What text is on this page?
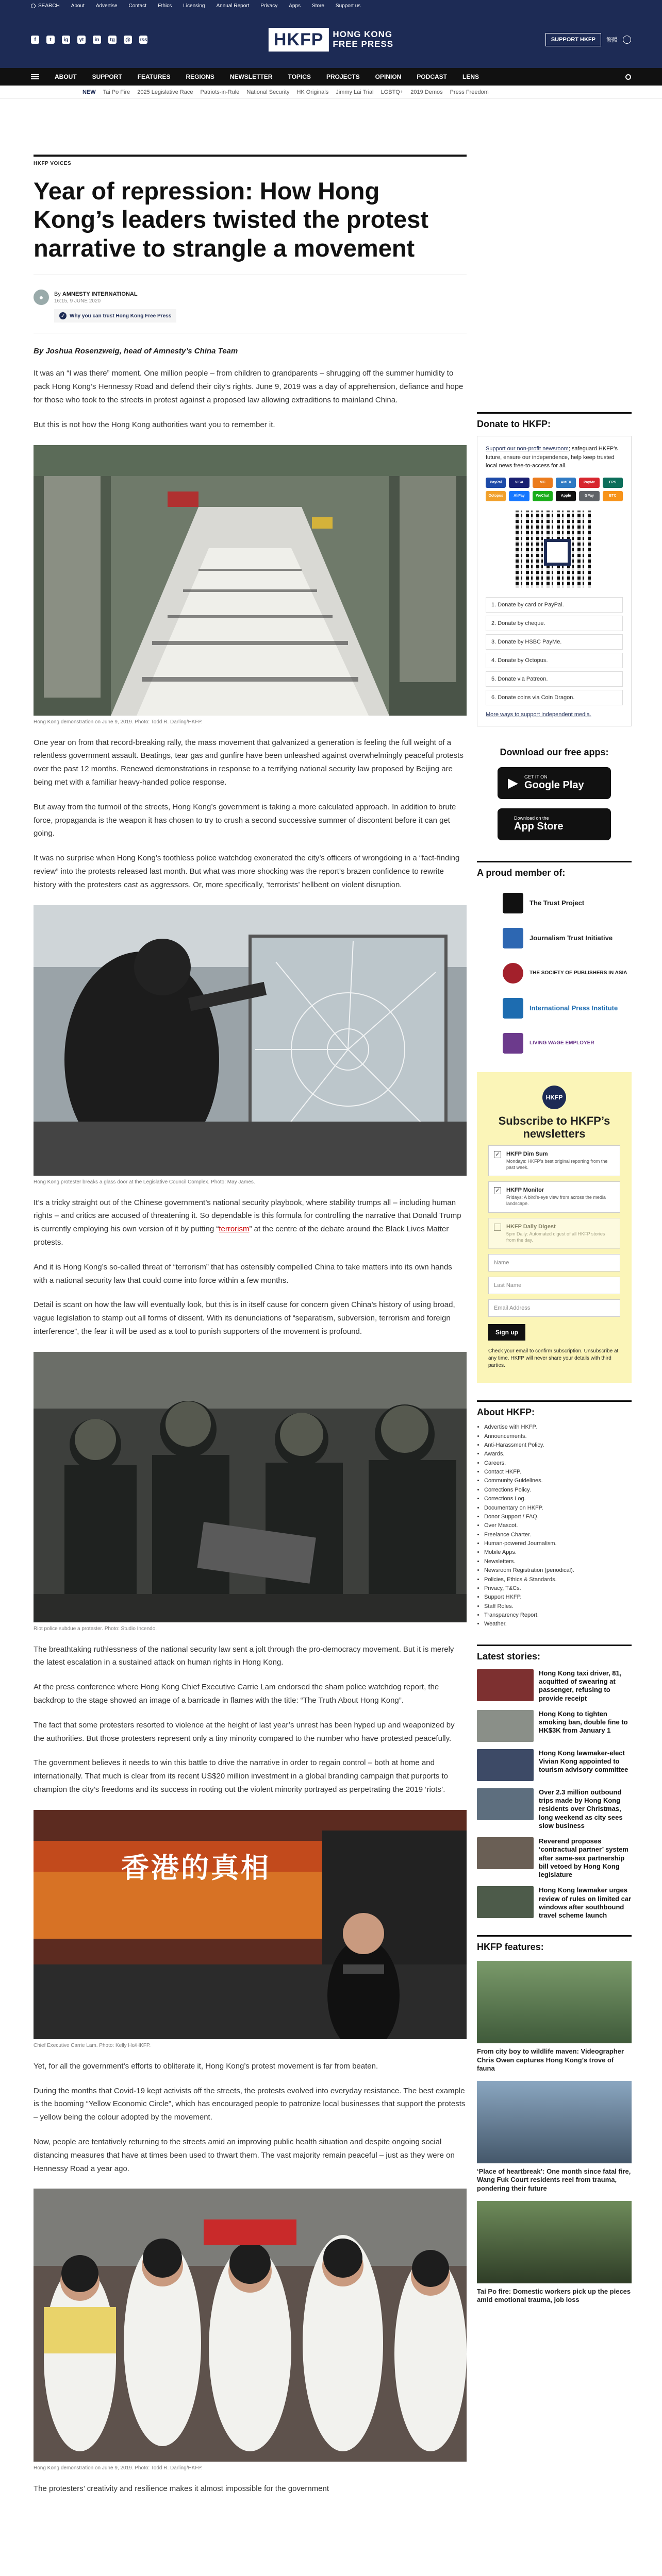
SEARCH About Advertise Contact Ethics Licensing Annual Report Privacy Apps Store Support us
f	t	ig	yt	in	tg	@	rss	HKFP	HONG KONG
FREE PRESS	SUPPORT HKFP	繁體
ABOUT	SUPPORT	FEATURES	REGIONS	NEWSLETTER	TOPICS	PROJECTS	OPINION	PODCAST	LENS
NEW Tai Po Fire 2025 Legislative Race Patriots-in-Rule National Security HK Originals Jimmy Lai Trial LGBTQ+ 2019 Demos Press Freedom
HKFP VOICES
Year of repression: How Hong Kong’s leaders twisted the protest narrative to strangle a movement
●	By AMNESTY INTERNATIONAL
16:15, 9 JUNE 2020
✓ Why you can trust Hong Kong Free Press
By Joshua Rosenzweig, head of Amnesty’s China Team

It was an “I was there” moment. One million people – from children to grandparents – shrugging off the summer humidity to pack Hong Kong’s Hennessy Road and defend their city’s rights. June 9, 2019 was a day of apprehension, defiance and hope for those who took to the streets in protest against a proposed law allowing extraditions to mainland China.

But this is not how the Hong Kong authorities want you to remember it.

Hong Kong demonstration on June 9, 2019. Photo: Todd R. Darling/HKFP.

One year on from that record-breaking rally, the mass movement that galvanized a generation is feeling the full weight of a relentless government assault. Beatings, tear gas and gunfire have been unleashed against overwhelmingly peaceful protests over the past 12 months. Renewed demonstrations in response to a terrifying national security law proposed by Beijing are being met with a familiar heavy-handed police response.

But away from the turmoil of the streets, Hong Kong’s government is taking a more calculated approach. In addition to brute force, propaganda is the weapon it has chosen to try to crush a second successive summer of discontent before it can get going.

It was no surprise when Hong Kong’s toothless police watchdog exonerated the city’s officers of wrongdoing in a “fact-finding review” into the protests released last month. But what was more shocking was the report’s brazen confidence to rewrite history with the protesters cast as aggressors. Or, more specifically, ‘terrorists’ hellbent on violent disruption.

Hong Kong protester breaks a glass door at the Legislative Council Complex. Photo: May James.

It’s a tricky straight out of the Chinese government’s national security playbook, where stability trumps all – including human rights – and critics are accused of threatening it. So dependable is this formula for controlling the narrative that Donald Trump is currently employing his own version of it by putting “terrorism” at the centre of the debate around the Black Lives Matter protests.

And it is Hong Kong’s so-called threat of “terrorism” that has ostensibly compelled China to take matters into its own hands with a national security law that could come into force within a few months.

Detail is scant on how the law will eventually look, but this is in itself cause for concern given China’s history of using broad, vague legislation to stamp out all forms of dissent. With its denunciations of “separatism, subversion, terrorism and foreign interference”, the fear it will be used as a tool to punish supporters of the movement is profound.

Riot police subdue a protester. Photo: Studio Incendo.

The breathtaking ruthlessness of the national security law sent a jolt through the pro-democracy movement. But it is merely the latest escalation in a sustained attack on human rights in Hong Kong.

At the press conference where Hong Kong Chief Executive Carrie Lam endorsed the sham police watchdog report, the backdrop to the stage showed an image of a barricade in flames with the title: “The Truth About Hong Kong”.

The fact that some protesters resorted to violence at the height of last year’s unrest has been hyped up and weaponized by the authorities. But those protesters represent only a tiny minority compared to the number who have protested peacefully.

The government believes it needs to win this battle to drive the narrative in order to regain control – both at home and internationally. That much is clear from its recent US$20 million investment in a global branding campaign that purports to champion the city’s freedoms and its success in rooting out the violent minority portrayed as perpetrating the 2019 ‘riots’.

香港的真相
Chief Executive Carrie Lam. Photo: Kelly Ho/HKFP.

Yet, for all the government’s efforts to obliterate it, Hong Kong’s protest movement is far from beaten.

During the months that Covid-19 kept activists off the streets, the protests evolved into everyday resistance. The best example is the booming “Yellow Economic Circle”, which has encouraged people to patronize local businesses that support the protests – yellow being the colour adopted by the movement.

Now, people are tentatively returning to the streets amid an improving public health situation and despite ongoing social distancing measures that have at times been used to thwart them. The vast majority remain peaceful – just as they were on Hennessy Road a year ago.

Hong Kong demonstration on June 9, 2019. Photo: Todd R. Darling/HKFP.

The protesters’ creativity and resilience makes it almost impossible for the government

Donate to HKFP:

Support our non-profit newsroom; safeguard HKFP’s future, ensure our independence, help keep trusted local news free-to-access for all.

PayPal	VISA	MC	AMEX	PayMe	FPS
Octopus	AliPay	WeChat	Apple	GPay	BTC
1. Donate by card or PayPal.
2. Donate by cheque.
3. Donate by HSBC PayMe.
4. Donate by Octopus.
5. Donate via Patreon.
6. Donate coins via Coin Dragon.
More ways to support independent media.
Download our free apps:
▶ GET IT ON
Google Play
Download on the
App Store
A proud member of:
The Trust Project
Journalism Trust Initiative
THE SOCIETY OF PUBLISHERS IN ASIA
International Press Institute
LIVING WAGE EMPLOYER
HKFP
Subscribe to HKFP’s newsletters
✓ HKFP Dim Sum
Mondays: HKFP’s best original reporting from the past week.
✓ HKFP Monitor
Fridays: A bird’s-eye view from across the media landscape.
HKFP Daily Digest
5pm Daily: Automated digest of all HKFP stories from the day.
Name
Last Name
Email Address
Sign up

Check your email to confirm subscription. Unsubscribe at any time. HKFP will never share your details with third parties.

About HKFP:
• Advertise with HKFP.
• Announcements.
• Anti-Harassment Policy.
• Awards.
• Careers.
• Contact HKFP.
• Community Guidelines.
• Corrections Policy.
• Corrections Log.
• Documentary on HKFP.
• Donor Support / FAQ.
• Over Mascot.
• Freelance Charter.
• Human-powered Journalism.
• Mobile Apps.
• Newsletters.
• Newsroom Registration (periodical).
• Policies, Ethics & Standards.
• Privacy, T&Cs.
• Support HKFP.
• Staff Roles.
• Transparency Report.
• Weather.
Latest stories:
Hong Kong taxi driver, 81, acquitted of swearing at passenger, refusing to provide receipt
Hong Kong to tighten smoking ban, double fine to HK$3K from January 1
Hong Kong lawmaker-elect Vivian Kong appointed to tourism advisory committee
Over 2.3 million outbound trips made by Hong Kong residents over Christmas, long weekend as city sees slow business
Reverend proposes ‘contractual partner’ system after same-sex partnership bill vetoed by Hong Kong legislature
Hong Kong lawmaker urges review of rules on limited car windows after southbound travel scheme launch
HKFP features:
From city boy to wildlife maven: Videographer Chris Owen captures Hong Kong’s trove of fauna
‘Place of heartbreak’: One month since fatal fire, Wang Fuk Court residents reel from trauma, pondering their future
Tai Po fire: Domestic workers pick up the pieces amid emotional trauma, job loss
